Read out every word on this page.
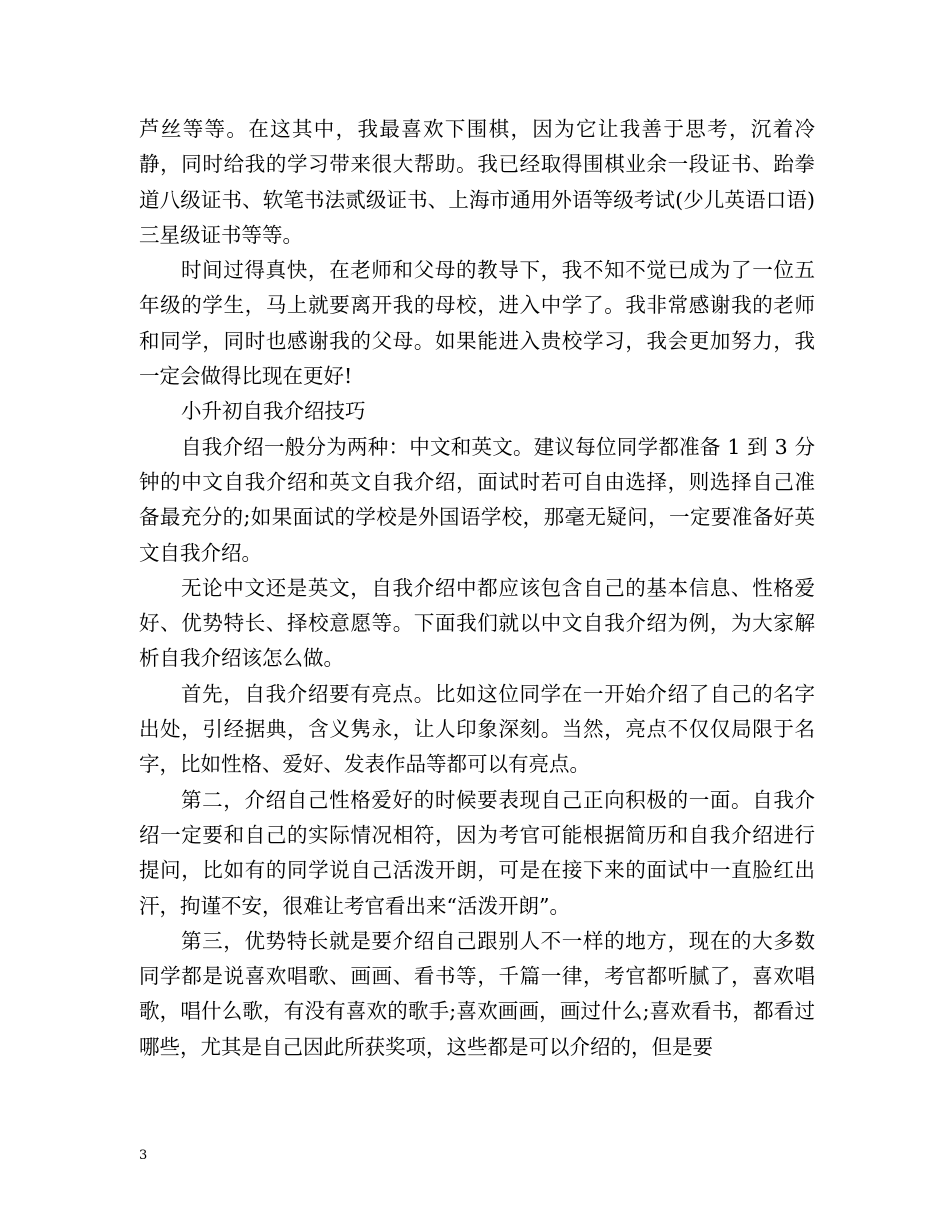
芦丝等等。在这其中，我最喜欢下围棋，因为它让我善于思考，沉着冷静，同时给我的学习带来很大帮助。我已经取得围棋业余一段证书、跆拳道八级证书、软笔书法贰级证书、上海市通用外语等级考试(少儿英语口语)三星级证书等等。

时间过得真快，在老师和父母的教导下，我不知不觉已成为了一位五年级的学生，马上就要离开我的母校，进入中学了。我非常感谢我的老师和同学，同时也感谢我的父母。如果能进入贵校学习，我会更加努力，我一定会做得比现在更好!

小升初自我介绍技巧

自我介绍一般分为两种：中文和英文。建议每位同学都准备 1 到 3 分钟的中文自我介绍和英文自我介绍，面试时若可自由选择，则选择自己准备最充分的;如果面试的学校是外国语学校，那毫无疑问，一定要准备好英文自我介绍。

无论中文还是英文，自我介绍中都应该包含自己的基本信息、性格爱好、优势特长、择校意愿等。下面我们就以中文自我介绍为例，为大家解析自我介绍该怎么做。

首先，自我介绍要有亮点。比如这位同学在一开始介绍了自己的名字出处，引经据典，含义隽永，让人印象深刻。当然，亮点不仅仅局限于名字，比如性格、爱好、发表作品等都可以有亮点。

第二，介绍自己性格爱好的时候要表现自己正向积极的一面。自我介绍一定要和自己的实际情况相符，因为考官可能根据简历和自我介绍进行提问，比如有的同学说自己活泼开朗，可是在接下来的面试中一直脸红出汗，拘谨不安，很难让考官看出来“活泼开朗”。

第三，优势特长就是要介绍自己跟别人不一样的地方，现在的大多数同学都是说喜欢唱歌、画画、看书等，千篇一律，考官都听腻了，喜欢唱歌，唱什么歌，有没有喜欢的歌手;喜欢画画，画过什么;喜欢看书，都看过哪些，尤其是自己因此所获奖项，这些都是可以介绍的，但是要

3
